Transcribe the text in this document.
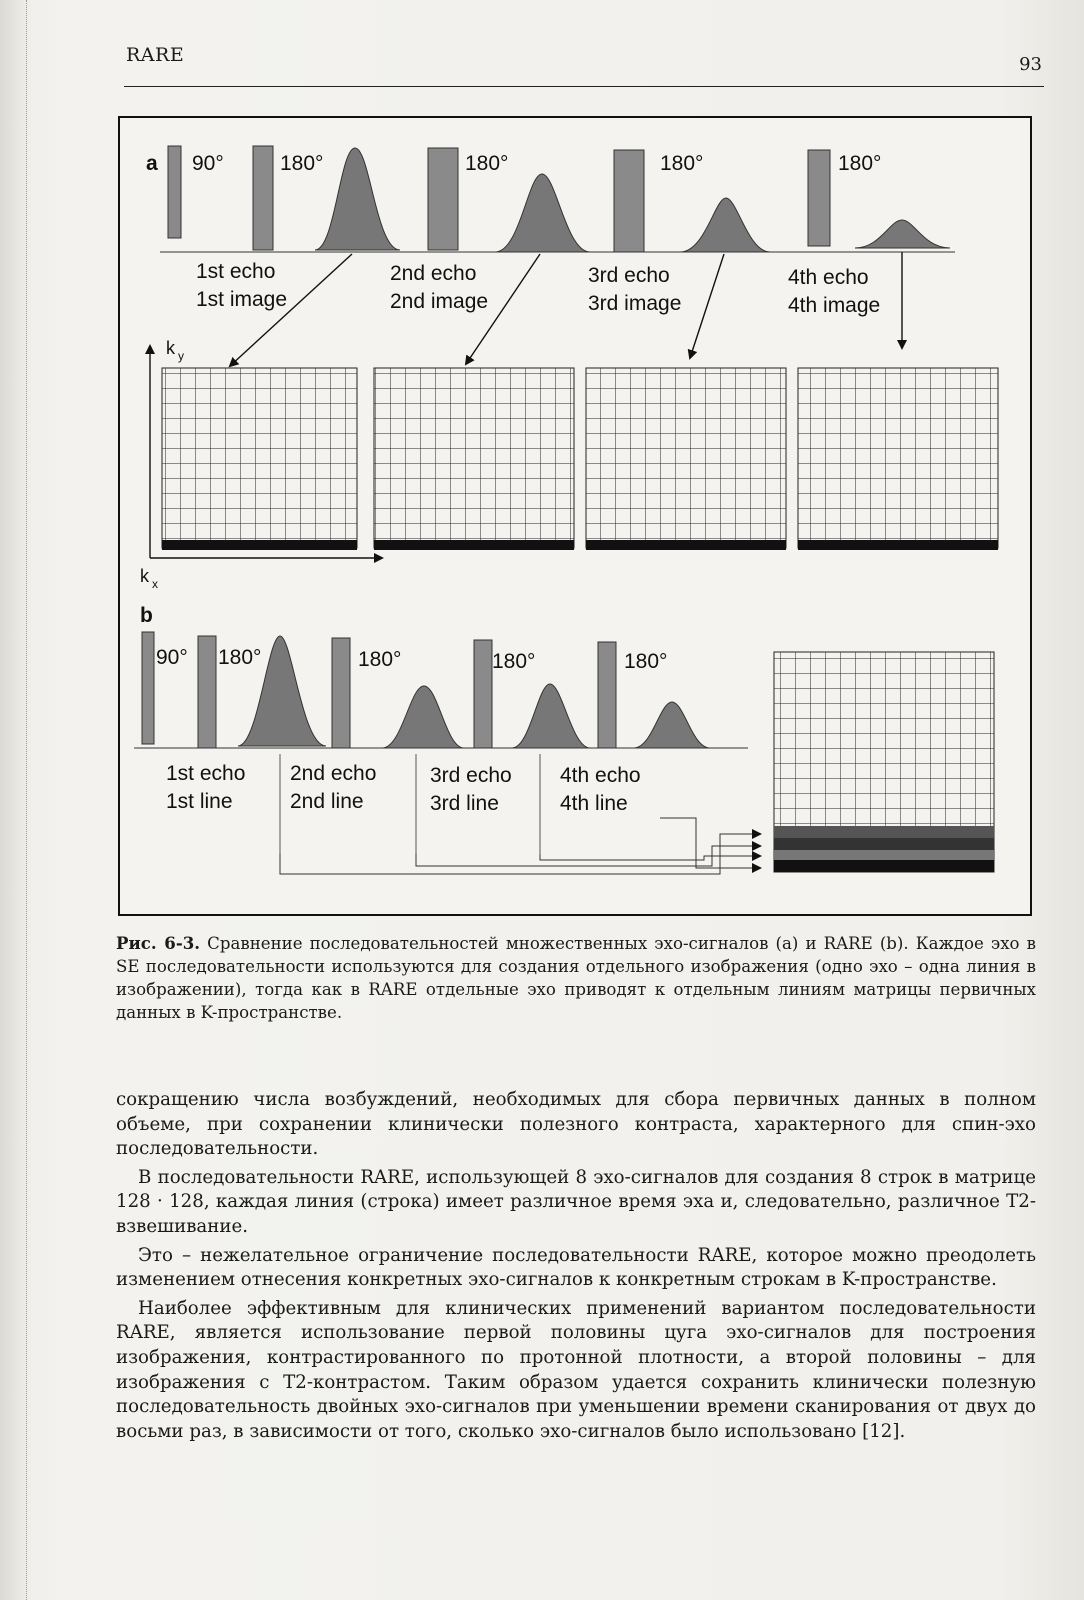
RARE	93
a 90°	180°	180°	180°	180°
1st echo
1st image
2nd echo
2nd image
3rd echo
3rd image
4th echo
4th image
k y
k x
b
90° 180°	180°	180°	180°
1st echo
1st line
2nd echo
2nd line
3rd echo
3rd line
4th echo
4th line
Рис. 6-3. Сравнение последовательностей множественных эхо-сигналов (а) и RARE (b). Каждое эхо в SE последовательности используются для создания отдельного изображения (одно эхо – одна линия в изображении), тогда как в RARE отдельные эхо приводят к отдельным линиям матрицы первичных данных в K-пространстве.

сокращению числа возбуждений, необходимых для сбора первичных данных в полном объеме, при сохранении клинически полезного контраста, характерного для спин-эхо последовательности.

В последовательности RARE, использующей 8 эхо-сигналов для создания 8 строк в матрице 128 · 128, каждая линия (строка) имеет различное время эха и, следовательно, различное T2-взвешивание.

Это – нежелательное ограничение последовательности RARE, которое можно преодолеть изменением отнесения конкретных эхо-сигналов к конкретным строкам в K-пространстве.

Наиболее эффективным для клинических применений вариантом последовательности RARE, является использование первой половины цуга эхо-сигналов для построения изображения, контрастированного по протонной плотности, а второй половины – для изображения с T2-контрастом. Таким образом удается сохранить клинически полезную последовательность двойных эхо-сигналов при уменьшении времени сканирования от двух до восьми раз, в зависимости от того, сколько эхо-сигналов было использовано [12].
